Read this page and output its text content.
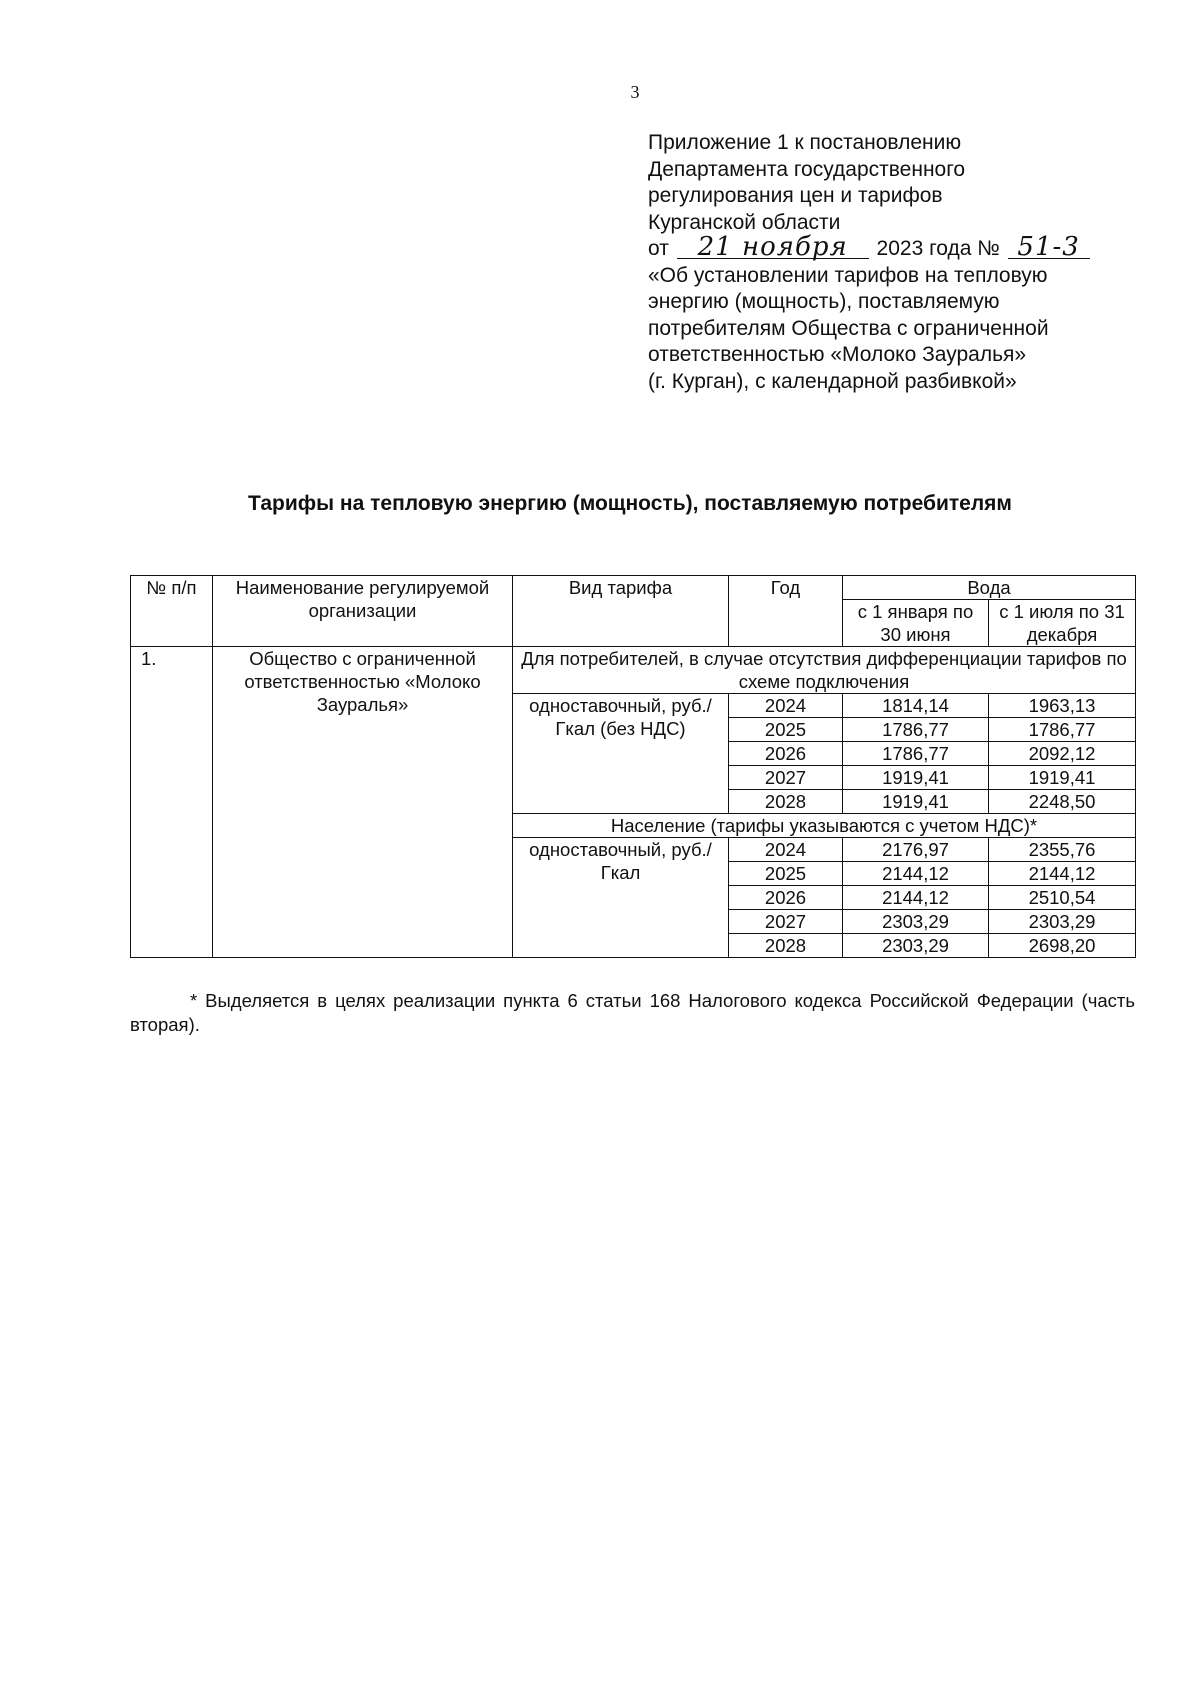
3
Приложение 1 к постановлению
Департамента государственного
регулирования цен и тарифов
Курганской области
от 21 ноября 2023 года № 51-3
«Об установлении тарифов на тепловую
энергию (мощность), поставляемую
потребителям Общества с ограниченной
ответственностью «Молоко Зауралья»
(г. Курган), с календарной разбивкой»
Тарифы на тепловую энергию (мощность), поставляемую потребителям
№ п/п	Наименование регулируемой организации	Вид тарифа	Год	Вода	
				с 1 января по 30 июня	с 1 июля по 31 декабря
1.	Общество с ограниченной ответственностью «Молоко Зауралья»	Для потребителей, в случае отсутствия дифференциации тарифов по схеме подключения			
		одноставочный, руб./Гкал (без НДС)	2024	1814,14	1963,13
			2025	1786,77	1786,77
			2026	1786,77	2092,12
			2027	1919,41	1919,41
			2028	1919,41	2248,50
		Население (тарифы указываются с учетом НДС)*			
		одноставочный, руб./Гкал	2024	2176,97	2355,76
			2025	2144,12	2144,12
			2026	2144,12	2510,54
			2027	2303,29	2303,29
			2028	2303,29	2698,20
* Выделяется в целях реализации пункта 6 статьи 168 Налогового кодекса Российской Федерации (часть вторая).
